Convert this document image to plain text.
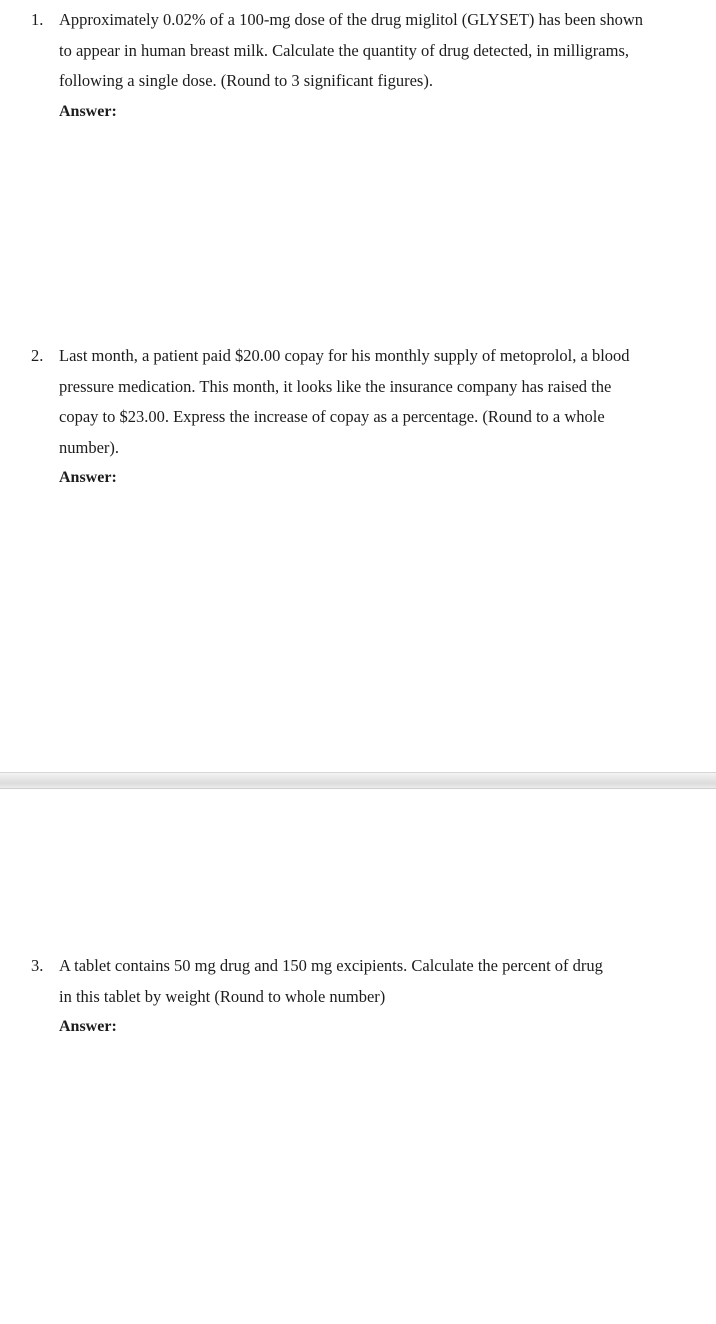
1. Approximately 0.02% of a 100-mg dose of the drug miglitol (GLYSET) has been shown
to appear in human breast milk. Calculate the quantity of drug detected, in milligrams,
following a single dose. (Round to 3 significant figures).
Answer:
2. Last month, a patient paid $20.00 copay for his monthly supply of metoprolol, a blood
pressure medication. This month, it looks like the insurance company has raised the
copay to $23.00. Express the increase of copay as a percentage. (Round to a whole
number).
Answer:
3. A tablet contains 50 mg drug and 150 mg excipients. Calculate the percent of drug
in this tablet by weight (Round to whole number)
Answer:
